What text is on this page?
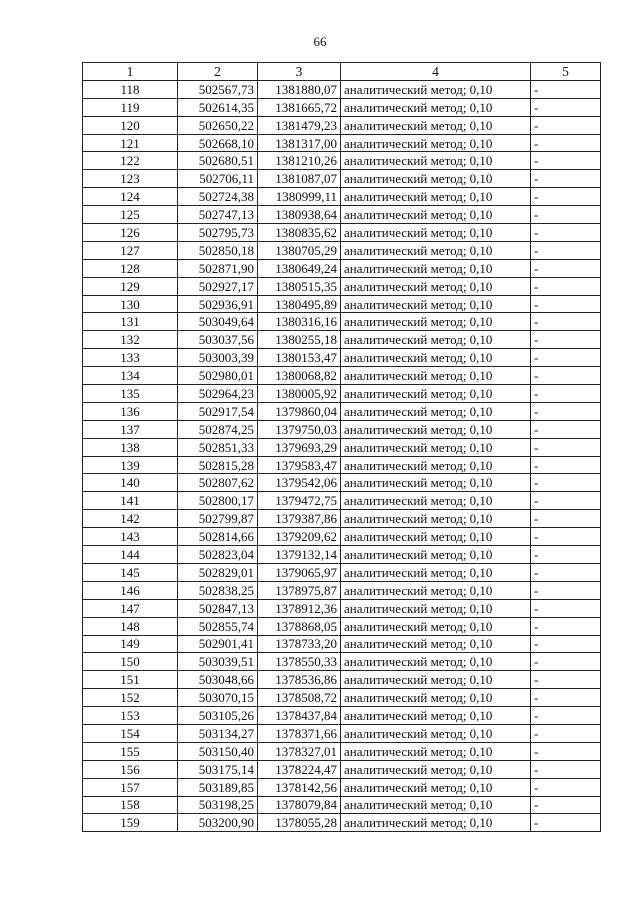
66
1	2	3	4	5
118	502567,73	1381880,07	аналитический метод; 0,10	-
119	502614,35	1381665,72	аналитический метод; 0,10	-
120	502650,22	1381479,23	аналитический метод; 0,10	-
121	502668,10	1381317,00	аналитический метод; 0,10	-
122	502680,51	1381210,26	аналитический метод; 0,10	-
123	502706,11	1381087,07	аналитический метод; 0,10	-
124	502724,38	1380999,11	аналитический метод; 0,10	-
125	502747,13	1380938,64	аналитический метод; 0,10	-
126	502795,73	1380835,62	аналитический метод; 0,10	-
127	502850,18	1380705,29	аналитический метод; 0,10	-
128	502871,90	1380649,24	аналитический метод; 0,10	-
129	502927,17	1380515,35	аналитический метод; 0,10	-
130	502936,91	1380495,89	аналитический метод; 0,10	-
131	503049,64	1380316,16	аналитический метод; 0,10	-
132	503037,56	1380255,18	аналитический метод; 0,10	-
133	503003,39	1380153,47	аналитический метод; 0,10	-
134	502980,01	1380068,82	аналитический метод; 0,10	-
135	502964,23	1380005,92	аналитический метод; 0,10	-
136	502917,54	1379860,04	аналитический метод; 0,10	-
137	502874,25	1379750,03	аналитический метод; 0,10	-
138	502851,33	1379693,29	аналитический метод; 0,10	-
139	502815,28	1379583,47	аналитический метод; 0,10	-
140	502807,62	1379542,06	аналитический метод; 0,10	-
141	502800,17	1379472,75	аналитический метод; 0,10	-
142	502799,87	1379387,86	аналитический метод; 0,10	-
143	502814,66	1379209,62	аналитический метод; 0,10	-
144	502823,04	1379132,14	аналитический метод; 0,10	-
145	502829,01	1379065,97	аналитический метод; 0,10	-
146	502838,25	1378975,87	аналитический метод; 0,10	-
147	502847,13	1378912,36	аналитический метод; 0,10	-
148	502855,74	1378868,05	аналитический метод; 0,10	-
149	502901,41	1378733,20	аналитический метод; 0,10	-
150	503039,51	1378550,33	аналитический метод; 0,10	-
151	503048,66	1378536,86	аналитический метод; 0,10	-
152	503070,15	1378508,72	аналитический метод; 0,10	-
153	503105,26	1378437,84	аналитический метод; 0,10	-
154	503134,27	1378371,66	аналитический метод; 0,10	-
155	503150,40	1378327,01	аналитический метод; 0,10	-
156	503175,14	1378224,47	аналитический метод; 0,10	-
157	503189,85	1378142,56	аналитический метод; 0,10	-
158	503198,25	1378079,84	аналитический метод; 0,10	-
159	503200,90	1378055,28	аналитический метод; 0,10	-
